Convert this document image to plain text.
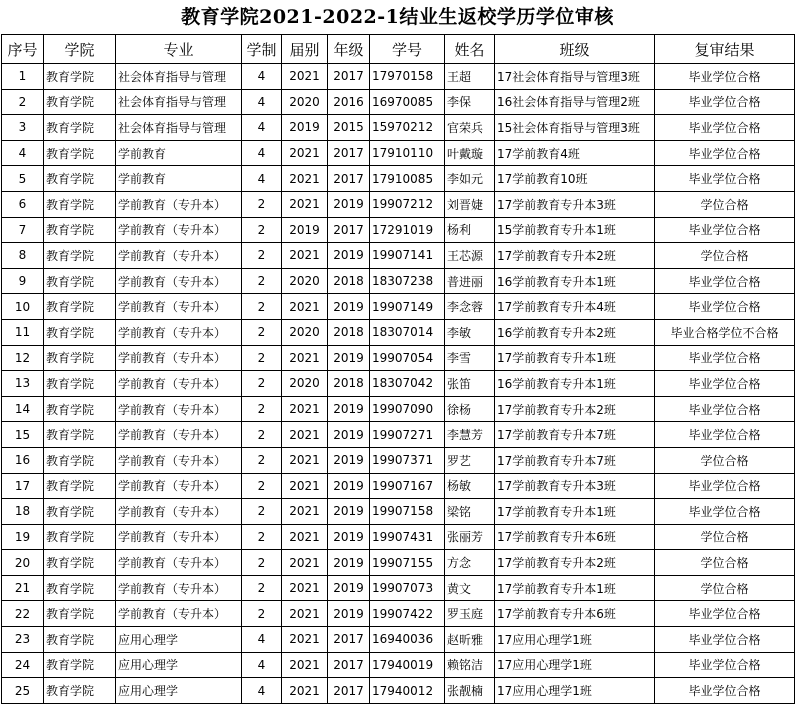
教育学院2021-2022-1结业生返校学历学位审核
序号	学院	专业	学制	届别	年级	学号	姓名	班级	复审结果
1	教育学院	社会体育指导与管理	4	2021	2017	17970158	王超	17社会体育指导与管理3班	毕业学位合格
2	教育学院	社会体育指导与管理	4	2020	2016	16970085	李保	16社会体育指导与管理2班	毕业学位合格
3	教育学院	社会体育指导与管理	4	2019	2015	15970212	官荣兵	15社会体育指导与管理3班	毕业学位合格
4	教育学院	学前教育	4	2021	2017	17910110	叶戴璇	17学前教育4班	毕业学位合格
5	教育学院	学前教育	4	2021	2017	17910085	李如元	17学前教育10班	毕业学位合格
6	教育学院	学前教育（专升本）	2	2021	2019	19907212	刘晋婕	17学前教育专升本3班	学位合格
7	教育学院	学前教育（专升本）	2	2019	2017	17291019	杨利	15学前教育专升本1班	毕业学位合格
8	教育学院	学前教育（专升本）	2	2021	2019	19907141	王芯源	17学前教育专升本2班	学位合格
9	教育学院	学前教育（专升本）	2	2020	2018	18307238	普进丽	16学前教育专升本1班	毕业学位合格
10	教育学院	学前教育（专升本）	2	2021	2019	19907149	李念蓉	17学前教育专升本4班	毕业学位合格
11	教育学院	学前教育（专升本）	2	2020	2018	18307014	李敏	16学前教育专升本2班	毕业合格学位不合格
12	教育学院	学前教育（专升本）	2	2021	2019	19907054	李雪	17学前教育专升本1班	毕业学位合格
13	教育学院	学前教育（专升本）	2	2020	2018	18307042	张笛	16学前教育专升本1班	毕业学位合格
14	教育学院	学前教育（专升本）	2	2021	2019	19907090	徐杨	17学前教育专升本2班	毕业学位合格
15	教育学院	学前教育（专升本）	2	2021	2019	19907271	李慧芳	17学前教育专升本7班	毕业学位合格
16	教育学院	学前教育（专升本）	2	2021	2019	19907371	罗艺	17学前教育专升本7班	学位合格
17	教育学院	学前教育（专升本）	2	2021	2019	19907167	杨敏	17学前教育专升本3班	毕业学位合格
18	教育学院	学前教育（专升本）	2	2021	2019	19907158	梁铭	17学前教育专升本1班	毕业学位合格
19	教育学院	学前教育（专升本）	2	2021	2019	19907431	张丽芳	17学前教育专升本6班	学位合格
20	教育学院	学前教育（专升本）	2	2021	2019	19907155	方念	17学前教育专升本2班	学位合格
21	教育学院	学前教育（专升本）	2	2021	2019	19907073	黄文	17学前教育专升本1班	学位合格
22	教育学院	学前教育（专升本）	2	2021	2019	19907422	罗玉庭	17学前教育专升本6班	毕业学位合格
23	教育学院	应用心理学	4	2021	2017	16940036	赵昕雅	17应用心理学1班	毕业学位合格
24	教育学院	应用心理学	4	2021	2017	17940019	赖铭洁	17应用心理学1班	毕业学位合格
25	教育学院	应用心理学	4	2021	2017	17940012	张靓楠	17应用心理学1班	毕业学位合格
